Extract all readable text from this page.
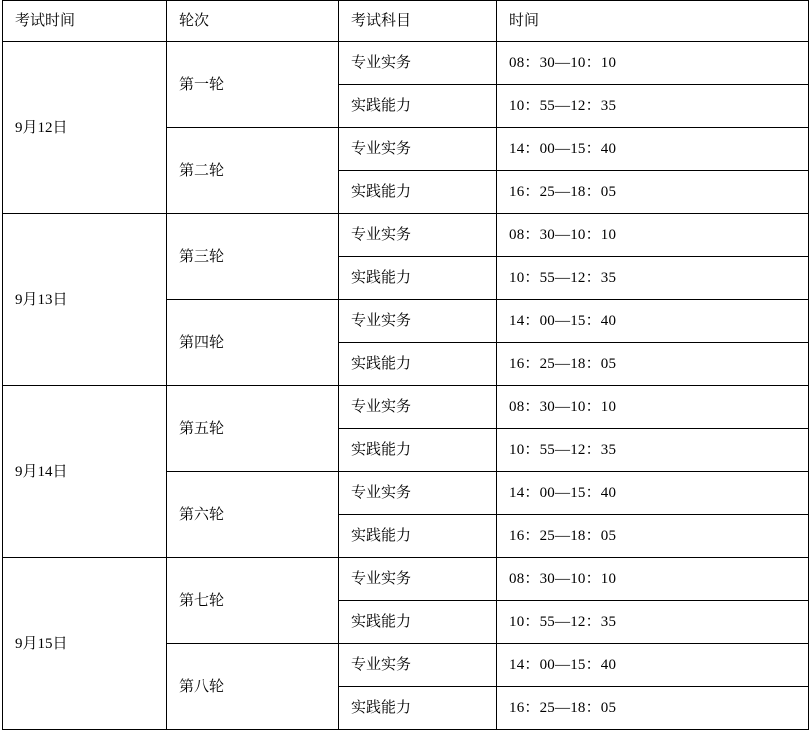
考试时间	轮次	考试科目	时间
9月12日	第一轮	专业实务	08：30—10：10
		实践能力	10：55—12：35
	第二轮	专业实务	14：00—15：40
		实践能力	16：25—18：05
9月13日	第三轮	专业实务	08：30—10：10
		实践能力	10：55—12：35
	第四轮	专业实务	14：00—15：40
		实践能力	16：25—18：05
9月14日	第五轮	专业实务	08：30—10：10
		实践能力	10：55—12：35
	第六轮	专业实务	14：00—15：40
		实践能力	16：25—18：05
9月15日	第七轮	专业实务	08：30—10：10
		实践能力	10：55—12：35
	第八轮	专业实务	14：00—15：40
		实践能力	16：25—18：05
